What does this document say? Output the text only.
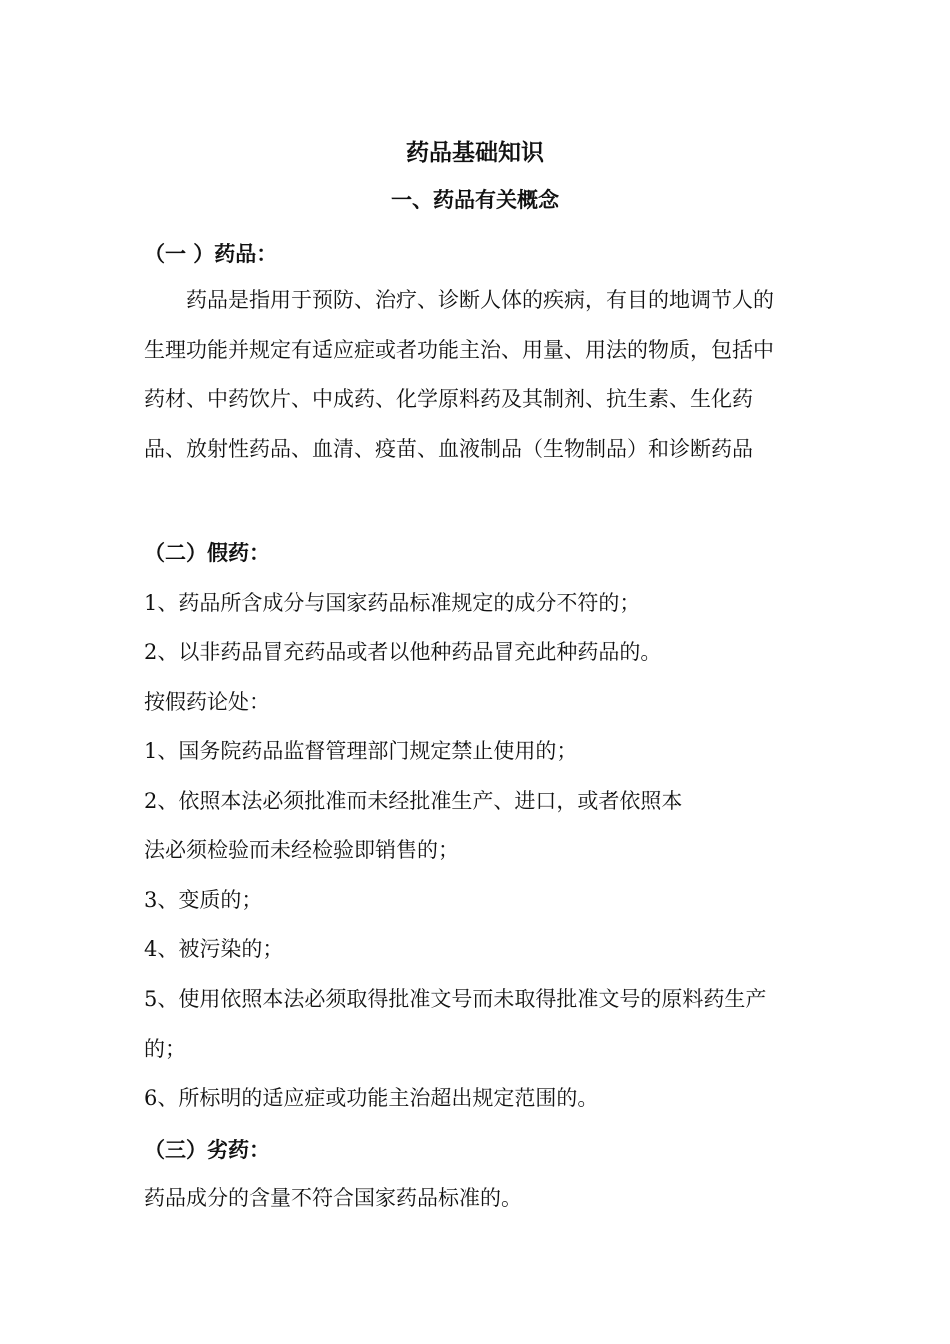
药品基础知识
一、药品有关概念
（一 ）药品：

药品是指用于预防、治疗、诊断人体的疾病，有目的地调节人的生理功能并规定有适应症或者功能主治、用量、用法的物质，包括中药材、中药饮片、中成药、化学原料药及其制剂、抗生素、生化药品、放射性药品、血清、疫苗、血液制品（生物制品）和诊断药品

（二）假药：
1、药品所含成分与国家药品标准规定的成分不符的；
2、以非药品冒充药品或者以他种药品冒充此种药品的。
按假药论处：
1、国务院药品监督管理部门规定禁止使用的；
2、依照本法必须批准而未经批准生产、进口，或者依照本
法必须检验而未经检验即销售的；
3、变质的；
4、被污染的；
5、使用依照本法必须取得批准文号而未取得批准文号的原料药生产
的；
6、所标明的适应症或功能主治超出规定范围的。
（三）劣药：
药品成分的含量不符合国家药品标准的。
